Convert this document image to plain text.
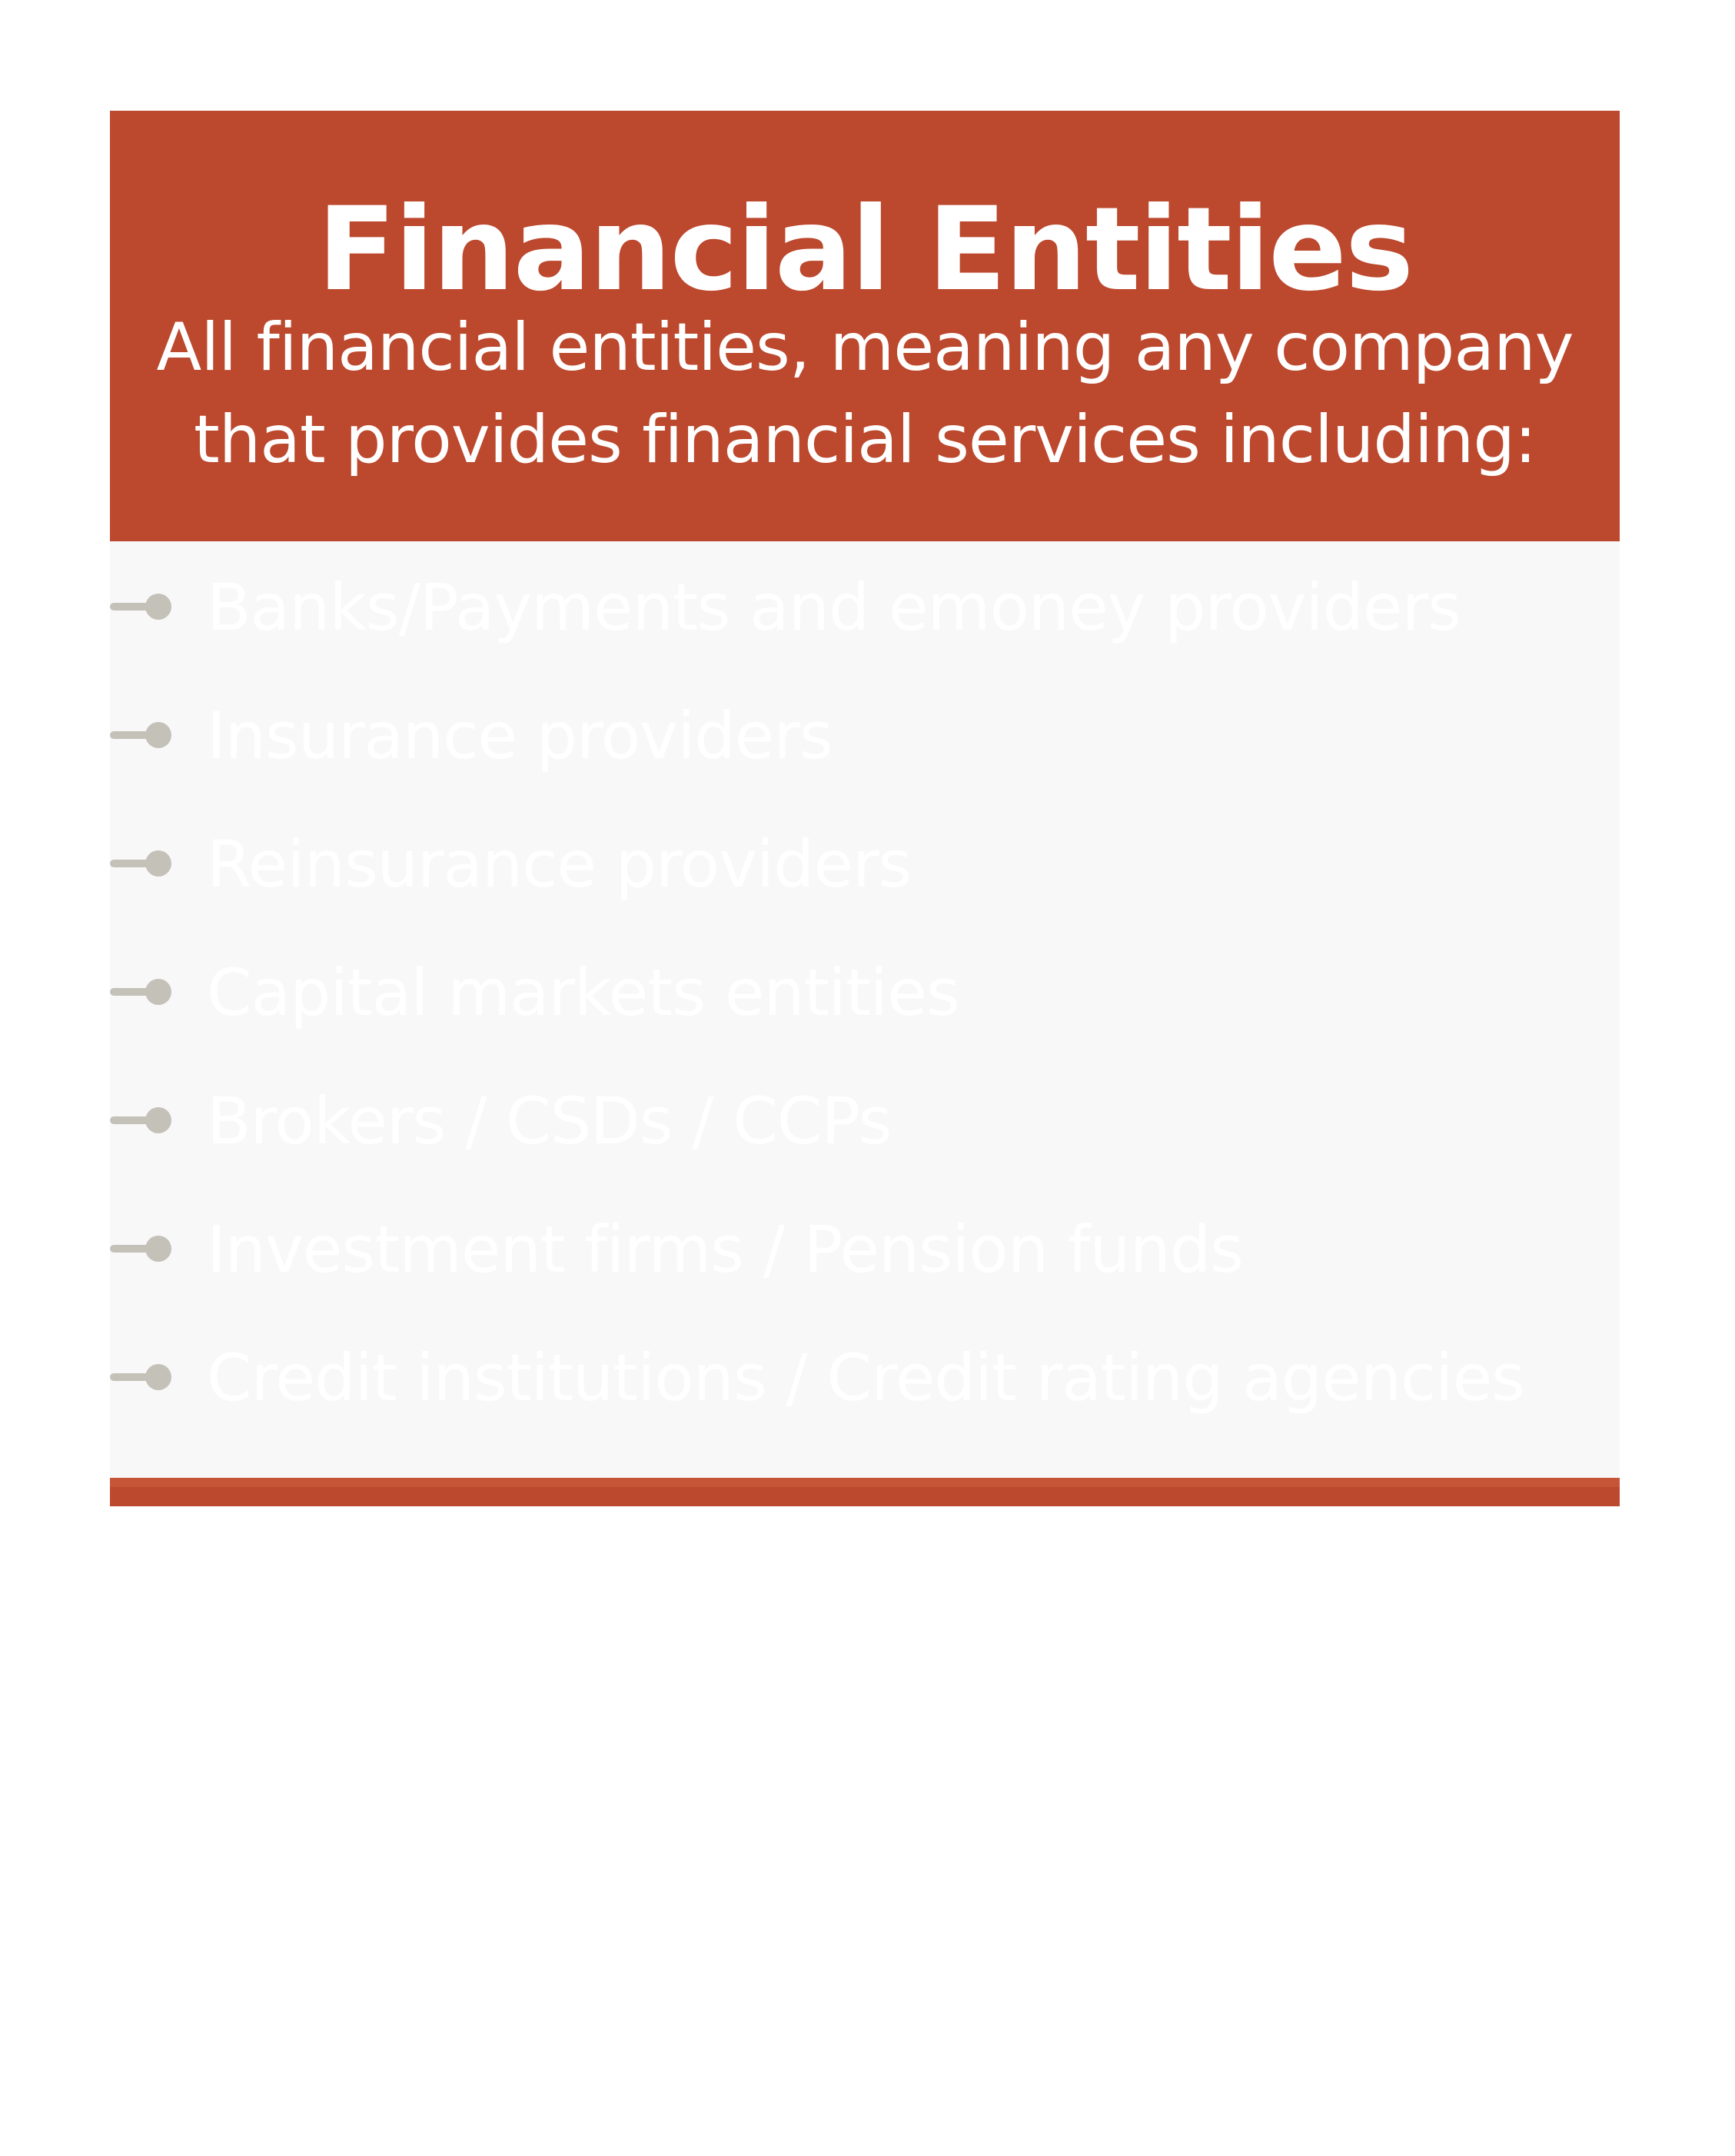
Financial Entities
All financial entities, meaning any company
that provides financial services including:
Banks/Payments and emoney providers
Insurance providers
Reinsurance providers
Capital markets entities
Brokers / CSDs / CCPs
Investment firms / Pension funds
Credit institutions / Credit rating agencies
